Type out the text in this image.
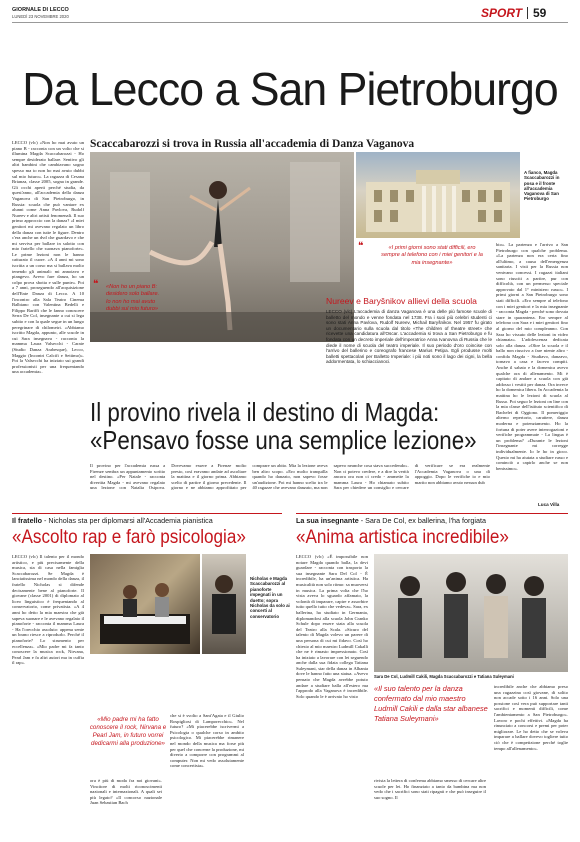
GIORNALE DI LECCO
LUNEDÌ 23 NOVEMBRE 2020	SPORT 59
Da Lecco a San Pietroburgo
LECCO (vlc) «Non ho mai avuto un piano B - racconta con un volto che si illumina Magda Scaccabarozzi - Ho sempre desiderato ballare. Sentivo gli altri bambini che cambiavano sogno spesso ma io non ho mai avuto dubbi sul mio futuro». La ragazza di Cesana Brianza, classe 2005, sogna in grande. Gli occhi aperti perché studia, da quest'anno, all'accademia della danza Vaganova di San Pietroburgo, in Russia: scuola che può vantare ex alunni come Anna Pavlova, Rudolf Nureev e altri artisti fenomenali. Il suo primo approccio con la danza? «I miei genitori mi avevano regalato un libro della danza con tutte le figure. Dentro c'era anche un dvd che guardavo e che mi serviva per ballare in salotto con mio fratello che suonava pianoforte». Le prime lezioni non le hanno catturato il cuore. «A 4 anni mi sono iscritta a un corso ma si ballava molto tenendo gli animali: mi annoiavo e piangevo. Avevo fare danza, ho un colpo prova sbotta e sulle punte». Poi a 7 anni, proseguendo all'acquisizione dell'Ente Danza di Lecco. A 10 l'incontro alla Sala Teatro Cinema Balbiano con Valentina Bedelli e Filippo Bariffi che le fanno conoscere Serra De Col, insegnante a cui si lega subito e con la quale segue in un lungo peregrinare di chilometri. «Abbiamo iscritto Magda, appunto, alle scuole in cui Sara insegnava - racconta la mamma Laura Valsecchi - Carate (Studio Danza Arabesque), Lecco, Maggio (Incontri Calcifi e Settimo)». Poi la Valsecchi ha iniziato sui grandi professionisti per una frequentando una accademia».
Scaccabarozzi si trova in Russia all'accademia di Danza Vaganova
A fianco, Magda Scaccabarozzi in posa e il fronte all'accademia Vaganova di San Pietroburgo
❝	«I primi giorni sono stati difficili, ero sempre al telefono con i miei genitori e la mia insegnante»
bio». La partenza e l'arrivo a San Pietroburgo con qualche problema. «La partenza non era certa fino all'ultimo, a causa dell'emergenza sanitaria. I visti per la Russia non venivano concessi. I ragazzi italiani sono riusciti a partire, pur con difficoltà, con un permesso speciale approvato dal 1° ministero russo». I primi giorni a San Pietroburgo sono stati difficili. «Ero sempre al telefono con i miei genitori e la mia insegnante - racconta Magda - perché sono dovuta stare in quarantena. Ero sempre al telefono con Sara e i miei genitori fino al giorno del mio compleanno. Con Sara ho vissuto delle lezioni in video chiamata». L'adolescenza dedicata solo alla danza. «Oltre la scuola e il ballo non riuscivo a fare niente altro - confida Magda - Studiavo, danzavo, tornavo a casa e facevo compiti. Anche il sabato e la domenica avevo qualche ora di allenamento. Mi è capitato di andare a scuola con già addosso i vestiti per danza. Ora invece ho la domenica libera. In Accademia la mattina ho le lezioni di scuola al Russo. Poi seguo le lezioni on line con la mia classe dell'istituto scientifico di Bachelet di Oggiono. Il pomeriggio alterno repertorio, carattere, danza moderna e potenziamento. Ho la fortuna di poter avere interrogazioni e verifiche programmate - La lingua è un problema? «Durante le lezioni l'insegnante mi corregge individualmente. Io le ho in gioco. Questo mi ha aiutata a studiare russo e cominciò a capirlo anche se non benissimo».
❝	«Non ho un piano B: desidero solo ballare. Io non ho mai avuto dubbi sul mio futuro»
Nureev e Baryšnikov allievi della scuola
LECCO (vlc) L'accademia di danza Vaganova è una delle più famose scuole di balletto del mondo e venne fondata nel 1738. Fra i suoi più celebri studenti ci sono stati Anna Pavlova, Rudolf Nureev, Michail Baryšnikov. Nel 1957 fu girato un documentario sulla scuola dal titolo «The children of theatre street» che ricevette una candidatura all'Oscar. L'accademia si trova a San Pietroburgo e fu fondata con un decreto imperiale dell'imperatrice Anna Ivanovna di Russia che le diede il nome di scuola del teatro imperiale. Il suo periodo d'oro coincise con l'arrivo del ballerino e coreografo francese Marius Petipa. Egli produsse molti balletti spettacolari per Balletto Imperiale: i più noti sono il lago dei cigni, la bella addormentata, lo schiaccianoci.
Il provino rivela il destino di Magda:
«Pensavo fosse una semplice lezione»
Il provino per l'accademia russa a Firenze sembra un appuntamento scritto nel destino. «Per Natale - racconta divertita Magda - mi avevano regalato una lezione con Natalia Osipova. Dovevamo essere a Firenze molto presto, così eravamo andate ad ascoltare la mattina e il giorno prima. Abbiamo scelto di partire il giorno precedente. Il giorno e ne abbiamo approfittato per comprare un abito. Mia la lezione aveva ben altro scopo. «Ero molto tranquilla quando ho danzato, non sapevo fosse un'audizione. Poi mi hanno scelto tra le 40 ragazze che avevano danzato, ma non sapevo neanche cosa stava succedendo». Non ci potevo credere, e a dire la verità ancora ora non ci credo - ammette la mamma Laura - Ho chiamato subito Sara per chiedere un consiglio e cercare di verificare se era realmente l'Accademia Vaganova o una di appoggio. Dopo le verifiche io e mio marito non abbiamo avuto nessun dub
Luca Villa
Il fratello - Nicholas sta per diplomarsi all'Accademia pianistica
«Ascolto rap e farò psicologia»
LECCO (vlc) Il talento per il mondo artistico, e più precisamente della musica, sta di casa nella famiglia Scaccabarozzi. Se Magda è lanciatissima nel mondo della danza, il fratello Nicholas si difende decisamente bene al pianoforte. Il giovane (classe 2001) di diplomato al liceo linguistico è frequentando al conservatorio, come privatista. «A 4 anni ho detto la mia maestra che già sapeva suonare e le avevano regalato il pianoforte - racconta il mamma Laura - Ha l'orecchio assoluto: appena sente un brano riesce a riprodurlo. Perché il pianoforte? Lo strumento per eccellenza». «Mio padre mi fa tanto conoscere la musica rock, Nirvana, Pearl Jam e fa altri autori ma in cuffia il rap».
Nicholas e Magda Scaccabarozzi al pianoforte impegnati in un duetto; sopra Nicholas da solo ai concerti al conservatorio
ora è più di moda fra noi giovani». Vincitore di molti riconoscimenti nazionali e internazionali. A quali sei più legato? «Il concorso nazionale Juan Sebastian Bach
che si è svolto a Sant'Agata e il Giulio Rospigliosi di Lamporecchio». Nel futuro? «Mi piacerebbe iscrivermi a Psicologia o qualche corso in ambito psicologico. Mi piacerebbe rimanere nel mondo della musica ma forse più per quel che concerne la produzione, mi diverto a comporre con programmi al computer. Non mi vedo assolutamente come concertista».
«Mio padre mi ha fatto conoscere il rock, Nirvana e Pearl Jam, in futuro vorrei dedicarmi alla produzione»
La sua insegnante - Sara De Col, ex ballerina, l'ha forgiata
«Anima artistica incredibile»
LECCO (vlc) «È impossibile non notare Magda quando balla, la devi guardare - racconta con trasporto la sua insegnante Sara Del Col - È incredibile, ha un'anima artistica. Ha musicalità non solo ritmo: sa muoversi in musica. La prima volta che l'ho vista aveva lo sguardo affamato, la volontà di imparare, capire e assorbire tutto quello tutto che vedeva». Sara, ex ballerina, ha studiato in Germania, diplomandosi alla scuola John Cranko Schule dopo essere stata alla scuola del Teatro alla Scala. «Sicuro del talento di Magda volevo un parere di una persona di cui mi fidavo. Così ho chiesto al mio maestro Ludmill Cakalli che ne è rimasto impressionato. Così ha iniziato a lavorare con lei seguendo anche dalla sua fidata collega Tatiana Suleymani, star della danza in Albania dove le hanno fatto una statua. «Avevo pensato che Magda avrebbe potuto andare a studiare balla all'estero ma l'approdo alla Vaganova è incredibile. Solo quando le è arrivato ho visto
Sara De Col, Ludmill Cakili, Magda Scaccabarozzi e Tatiana Suleymani
«Il suo talento per la danza confermato dal mio maestro Ludmill Cakili e dalla star albanese Tatiana Suleymani»
rivista la lettera di conferma abbiamo smesso di cercare altre scuole per lei. Ho finanziato a tanto da bambina ma non vedo che i sacrifici sono stati ripagati e che può inseguire il suo sogno. Il
incredibile anche che abbiamo preso una ragazzina così giovane, di solito non accade sotto i 16 anni. Solo una possione così vera può supportare tanti sacrifici e momenti difficili, come l'ambientamento a San Pietroburgo». Lavoro e pochi effettivi. «Magda ha rinunciato a concorsi e premi per poter migliorare. Le ho detto che se voleva imparare a ballare dovevo togliere tutto ciò che è competizione perché toglie tempo all'allenamento».
